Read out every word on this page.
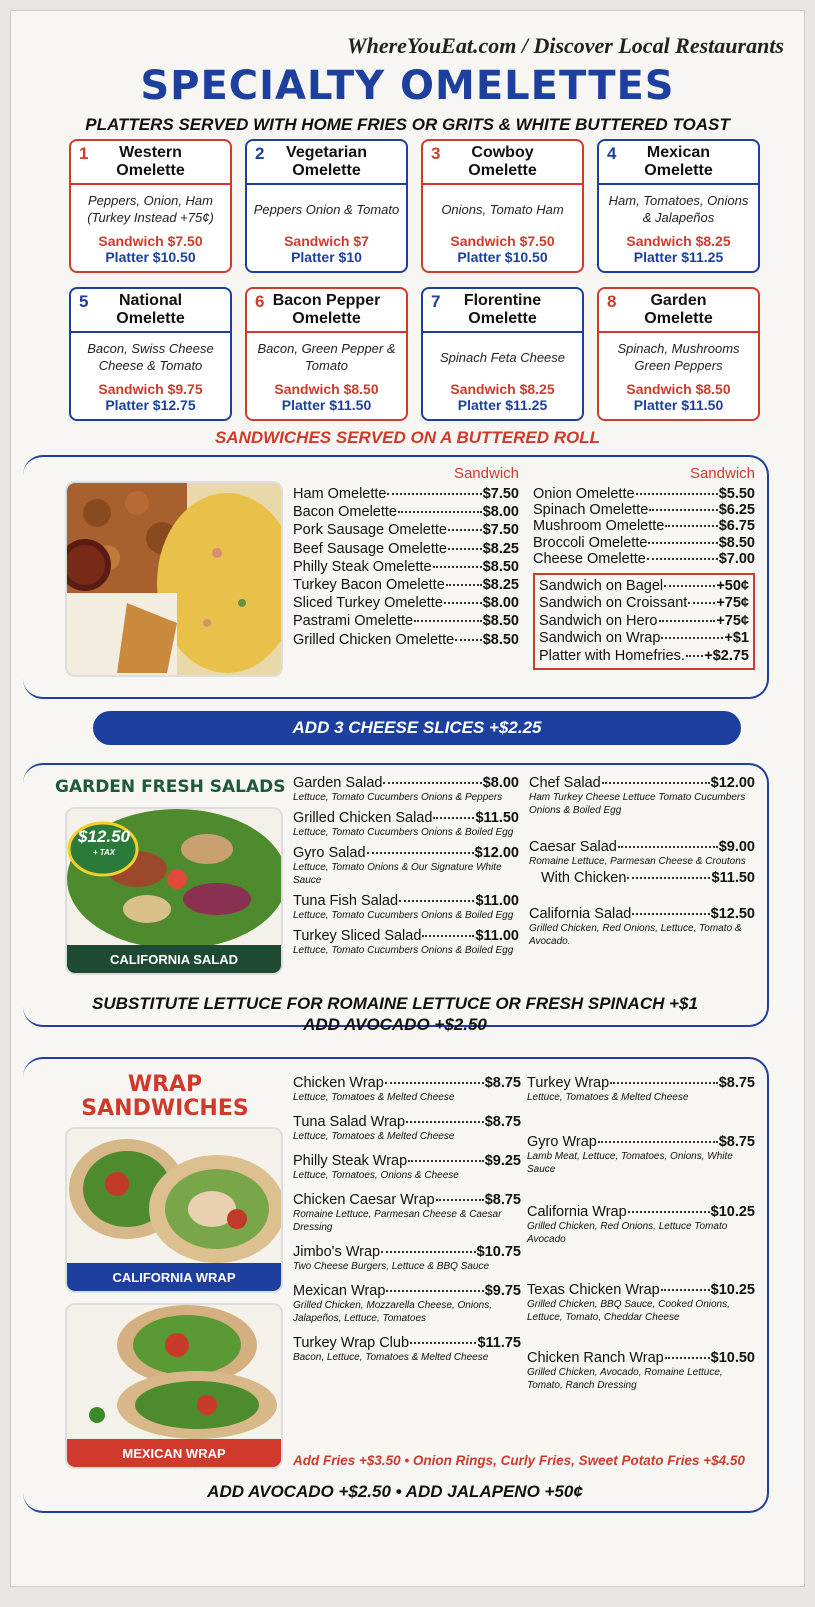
WhereYouEat.com / Discover Local Restaurants
SPECIALTY OMELETTES
PLATTERS SERVED WITH HOME FRIES OR GRITS & WHITE BUTTERED TOAST
1	Western Omelette
Peppers, Onion, Ham (Turkey Instead +75¢)
Sandwich $7.50
Platter $10.50
2	Vegetarian Omelette
Peppers Onion & Tomato
Sandwich $7
Platter $10
3	Cowboy Omelette
Onions, Tomato Ham
Sandwich $7.50
Platter $10.50
4	Mexican Omelette
Ham, Tomatoes, Onions & Jalapeños
Sandwich $8.25
Platter $11.25
5	National Omelette
Bacon, Swiss Cheese Cheese & Tomato
Sandwich $9.75
Platter $12.75
6 Bacon Pepper Omelette
Bacon, Green Pepper & Tomato
Sandwich $8.50
Platter $11.50
7	Florentine Omelette
Spinach Feta Cheese
Sandwich $8.25
Platter $11.25
8	Garden Omelette
Spinach, Mushrooms Green Peppers
Sandwich $8.50
Platter $11.50
SANDWICHES SERVED ON A BUTTERED ROLL
Sandwich
Ham Omelette	$7.50
Bacon Omelette	$8.00
Pork Sausage Omelette $7.50
Beef Sausage Omelette $8.25
Philly Steak Omelette	$8.50
Turkey Bacon Omelette	$8.25
Sliced Turkey Omelette	$8.00
Pastrami Omelette	$8.50
Grilled Chicken Omelette $8.50
Sandwich
Onion Omelette	$5.50
Spinach Omelette	$6.25
Mushroom Omelette	$6.75
Broccoli Omelette	$8.50
Cheese Omelette	$7.00
Sandwich on Bagel	+50¢
Sandwich on Croissant +75¢
Sandwich on Hero	+75¢
Sandwich on Wrap	+$1
Platter with Homefries. +$2.75
ADD 3 CHEESE SLICES +$2.25
GARDEN FRESH SALADS
$12.50
+ TAX
CALIFORNIA SALAD
Garden Salad	$8.00
Lettuce, Tomato Cucumbers Onions & Peppers
Grilled Chicken Salad	$11.50
Lettuce, Tomato Cucumbers Onions & Boiled Egg
Gyro Salad	$12.00
Lettuce, Tomato Onions & Our Signature White Sauce
Tuna Fish Salad	$11.00
Lettuce, Tomato Cucumbers Onions & Boiled Egg
Turkey Sliced Salad	$11.00
Lettuce, Tomato Cucumbers Onions & Boiled Egg
Chef Salad	$12.00
Ham Turkey Cheese Lettuce Tomato Cucumbers Onions & Boiled Egg
Caesar Salad	$9.00
Romaine Lettuce, Parmesan Cheese & Croutons
With Chicken	$11.50
California Salad	$12.50
Grilled Chicken, Red Onions, Lettuce, Tomato & Avocado.
SUBSTITUTE LETTUCE FOR ROMAINE LETTUCE OR FRESH SPINACH +$1
ADD AVOCADO +$2.50
WRAP
SANDWICHES
CALIFORNIA WRAP
MEXICAN WRAP
Chicken Wrap	$8.75
Lettuce, Tomatoes & Melted Cheese
Tuna Salad Wrap	$8.75
Lettuce, Tomatoes & Melted Cheese
Philly Steak Wrap	$9.25
Lettuce, Tomatoes, Onions & Cheese
Chicken Caesar Wrap	$8.75
Romaine Lettuce, Parmesan Cheese & Caesar Dressing
Jimbo's Wrap	$10.75
Two Cheese Burgers, Lettuce & BBQ Sauce
Mexican Wrap	$9.75
Grilled Chicken, Mozzarella Cheese, Onions, Jalapeños, Lettuce, Tomatoes
Turkey Wrap Club	$11.75
Bacon, Lettuce, Tomatoes & Melted Cheese
Turkey Wrap	$8.75
Lettuce, Tomatoes & Melted Cheese
Gyro Wrap	$8.75
Lamb Meat, Lettuce, Tomatoes, Onions, White Sauce
California Wrap	$10.25
Grilled Chicken, Red Onions, Lettuce Tomato Avocado
Texas Chicken Wrap	$10.25
Grilled Chicken, BBQ Sauce, Cooked Onions, Lettuce, Tomato, Cheddar Cheese
Chicken Ranch Wrap	$10.50
Grilled Chicken, Avocado, Romaine Lettuce, Tomato, Ranch Dressing
Add Fries +$3.50 • Onion Rings, Curly Fries, Sweet Potato Fries +$4.50
ADD AVOCADO +$2.50 • ADD JALAPENO +50¢
